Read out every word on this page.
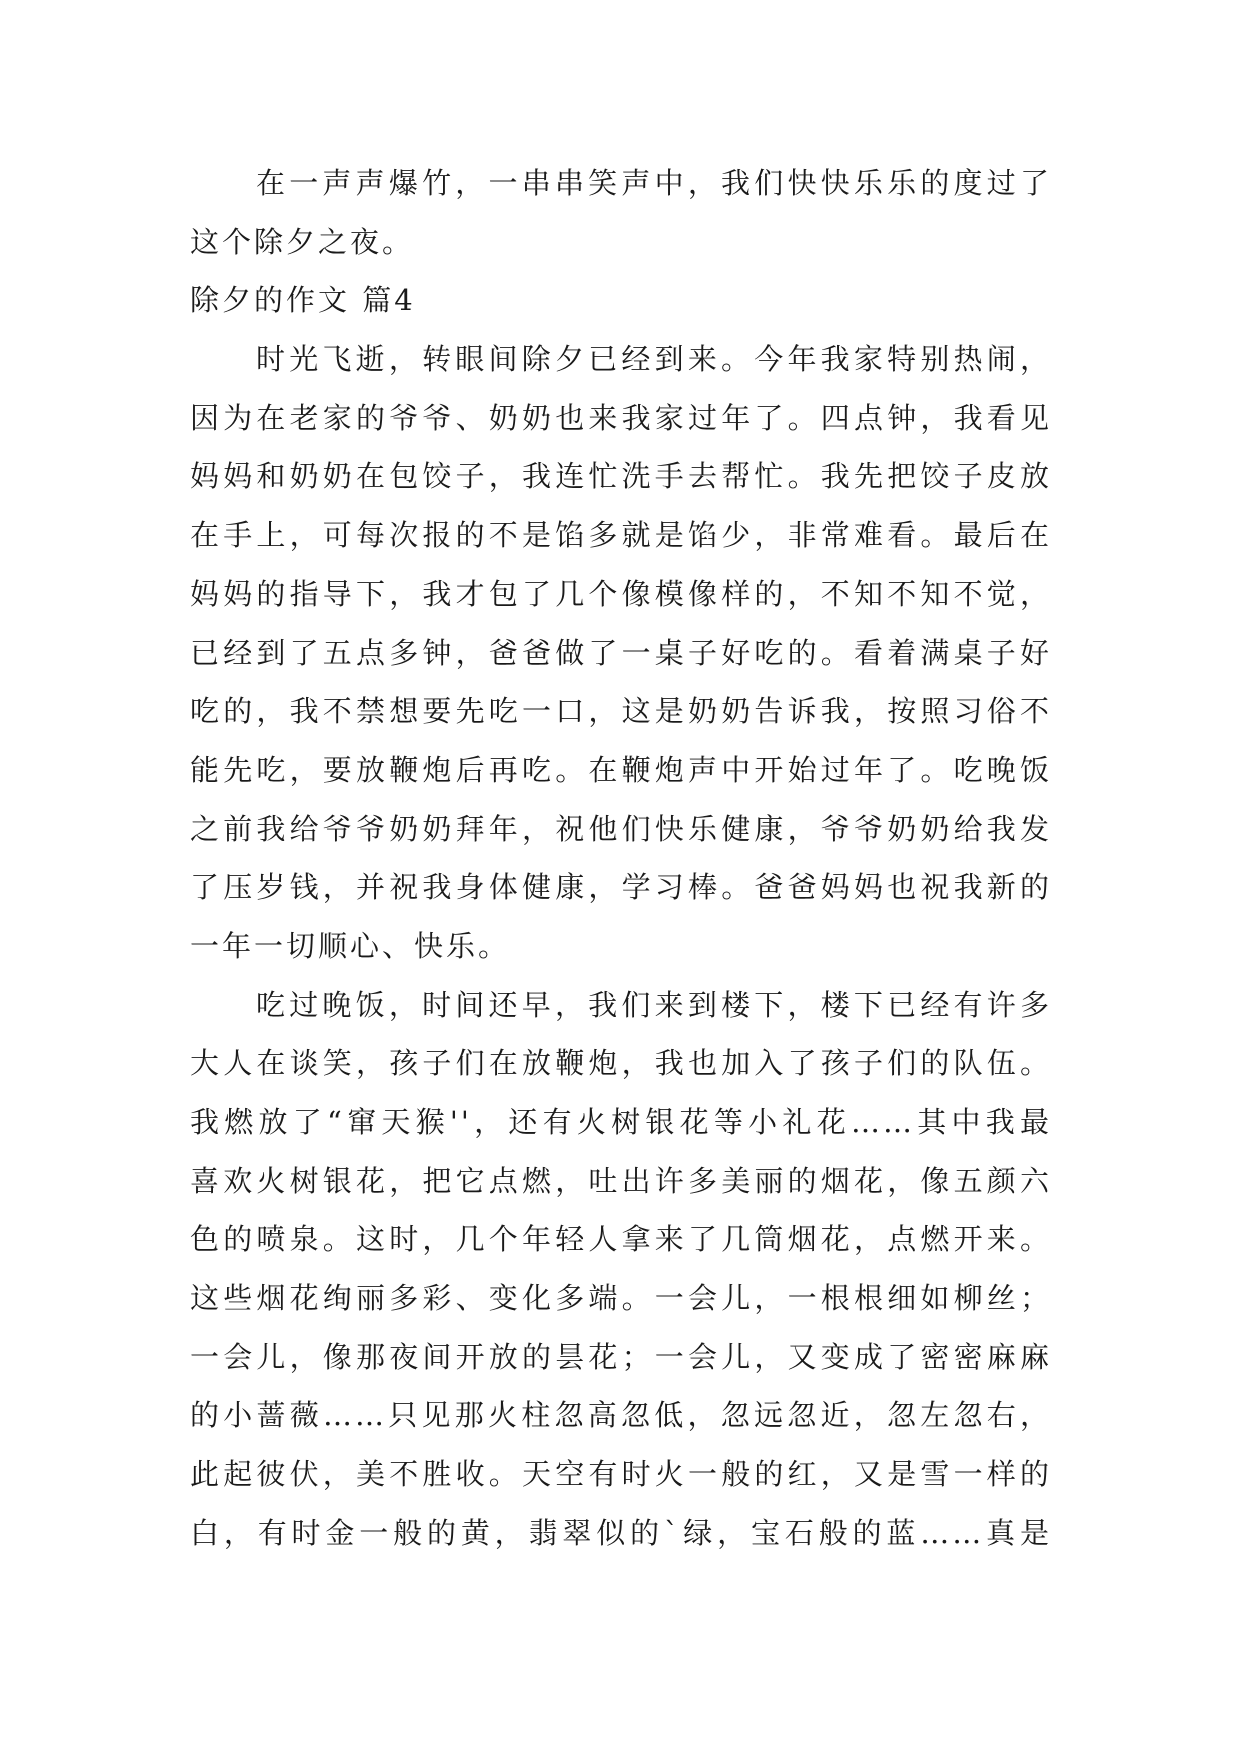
在一声声爆竹，一串串笑声中，我们快快乐乐的度过了
这个除夕之夜。
除夕的作文 篇4
时光飞逝，转眼间除夕已经到来。今年我家特别热闹，
因为在老家的爷爷、奶奶也来我家过年了。四点钟，我看见
妈妈和奶奶在包饺子，我连忙洗手去帮忙。我先把饺子皮放
在手上，可每次报的不是馅多就是馅少，非常难看。最后在
妈妈的指导下，我才包了几个像模像样的，不知不知不觉，
已经到了五点多钟，爸爸做了一桌子好吃的。看着满桌子好
吃的，我不禁想要先吃一口，这是奶奶告诉我，按照习俗不
能先吃，要放鞭炮后再吃。在鞭炮声中开始过年了。吃晚饭
之前我给爷爷奶奶拜年，祝他们快乐健康，爷爷奶奶给我发
了压岁钱，并祝我身体健康，学习棒。爸爸妈妈也祝我新的
一年一切顺心、快乐。
吃过晚饭，时间还早，我们来到楼下，楼下已经有许多
大人在谈笑，孩子们在放鞭炮，我也加入了孩子们的队伍。
我燃放了“窜天猴''，还有火树银花等小礼花……其中我最
喜欢火树银花，把它点燃，吐出许多美丽的烟花，像五颜六
色的喷泉。这时，几个年轻人拿来了几筒烟花，点燃开来。
这些烟花绚丽多彩、变化多端。一会儿，一根根细如柳丝；
一会儿，像那夜间开放的昙花；一会儿，又变成了密密麻麻
的小蔷薇……只见那火柱忽高忽低，忽远忽近，忽左忽右，
此起彼伏，美不胜收。天空有时火一般的红，又是雪一样的
白，有时金一般的黄，翡翠似的`绿，宝石般的蓝……真是
